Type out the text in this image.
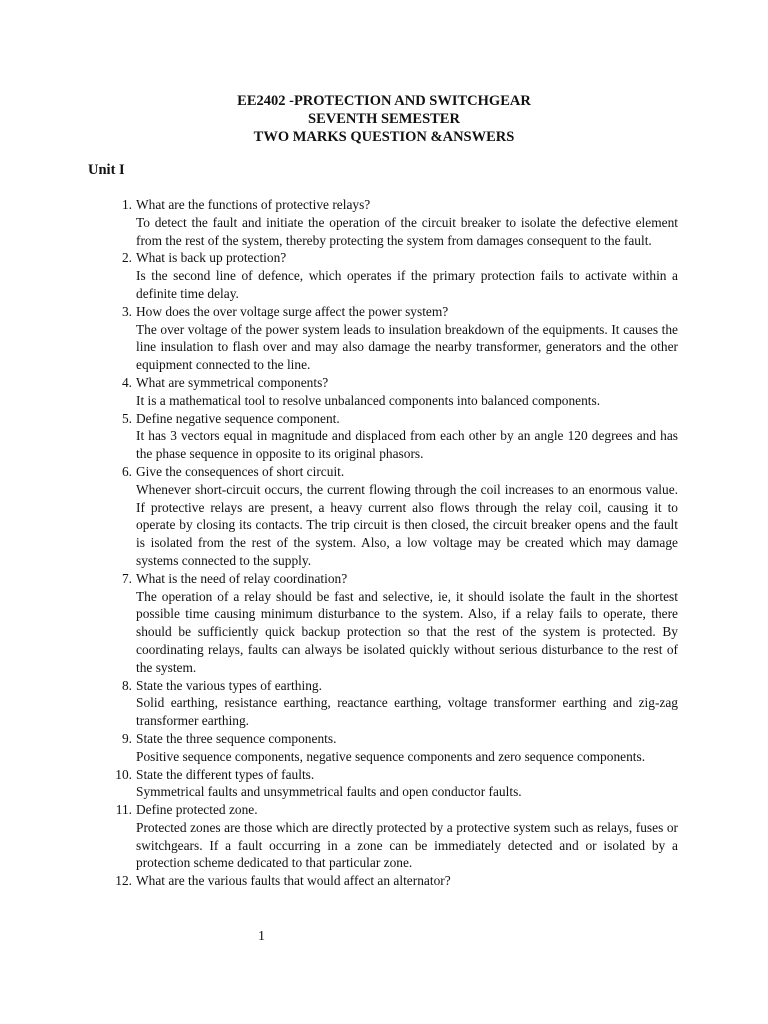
EE2402 -PROTECTION AND SWITCHGEAR
SEVENTH SEMESTER
TWO MARKS QUESTION &ANSWERS
Unit I
1. What are the functions of protective relays?
To detect the fault and initiate the operation of the circuit breaker to isolate the defective element from the rest of the system, thereby protecting the system from damages consequent to the fault.
2. What is back up protection?
Is the second line of defence, which operates if the primary protection fails to activate within a definite time delay.
3. How does the over voltage surge affect the power system?
The over voltage of the power system leads to insulation breakdown of the equipments. It causes the line insulation to flash over and may also damage the nearby transformer, generators and the other equipment connected to the line.
4. What are symmetrical components?
It is a mathematical tool to resolve unbalanced components into balanced components.
5. Define negative sequence component.
It has 3 vectors equal in magnitude and displaced from each other by an angle 120 degrees and has the phase sequence in opposite to its original phasors.
6. Give the consequences of short circuit.
Whenever short-circuit occurs, the current flowing through the coil increases to an enormous value. If protective relays are present, a heavy current also flows through the relay coil, causing it to operate by closing its contacts. The trip circuit is then closed, the circuit breaker opens and the fault is isolated from the rest of the system. Also, a low voltage may be created which may damage systems connected to the supply.
7. What is the need of relay coordination?
The operation of a relay should be fast and selective, ie, it should isolate the fault in the shortest possible time causing minimum disturbance to the system. Also, if a relay fails to operate, there should be sufficiently quick backup protection so that the rest of the system is protected. By coordinating relays, faults can always be isolated quickly without serious disturbance to the rest of the system.
8. State the various types of earthing.
Solid earthing, resistance earthing, reactance earthing, voltage transformer earthing and zig-zag transformer earthing.
9. State the three sequence components.
Positive sequence components, negative sequence components and zero sequence components.
10. State the different types of faults.
Symmetrical faults and unsymmetrical faults and open conductor faults.
11. Define protected zone.
Protected zones are those which are directly protected by a protective system such as relays, fuses or switchgears. If a fault occurring in a zone can be immediately detected and or isolated by a protection scheme dedicated to that particular zone.
12. What are the various faults that would affect an alternator?
1
